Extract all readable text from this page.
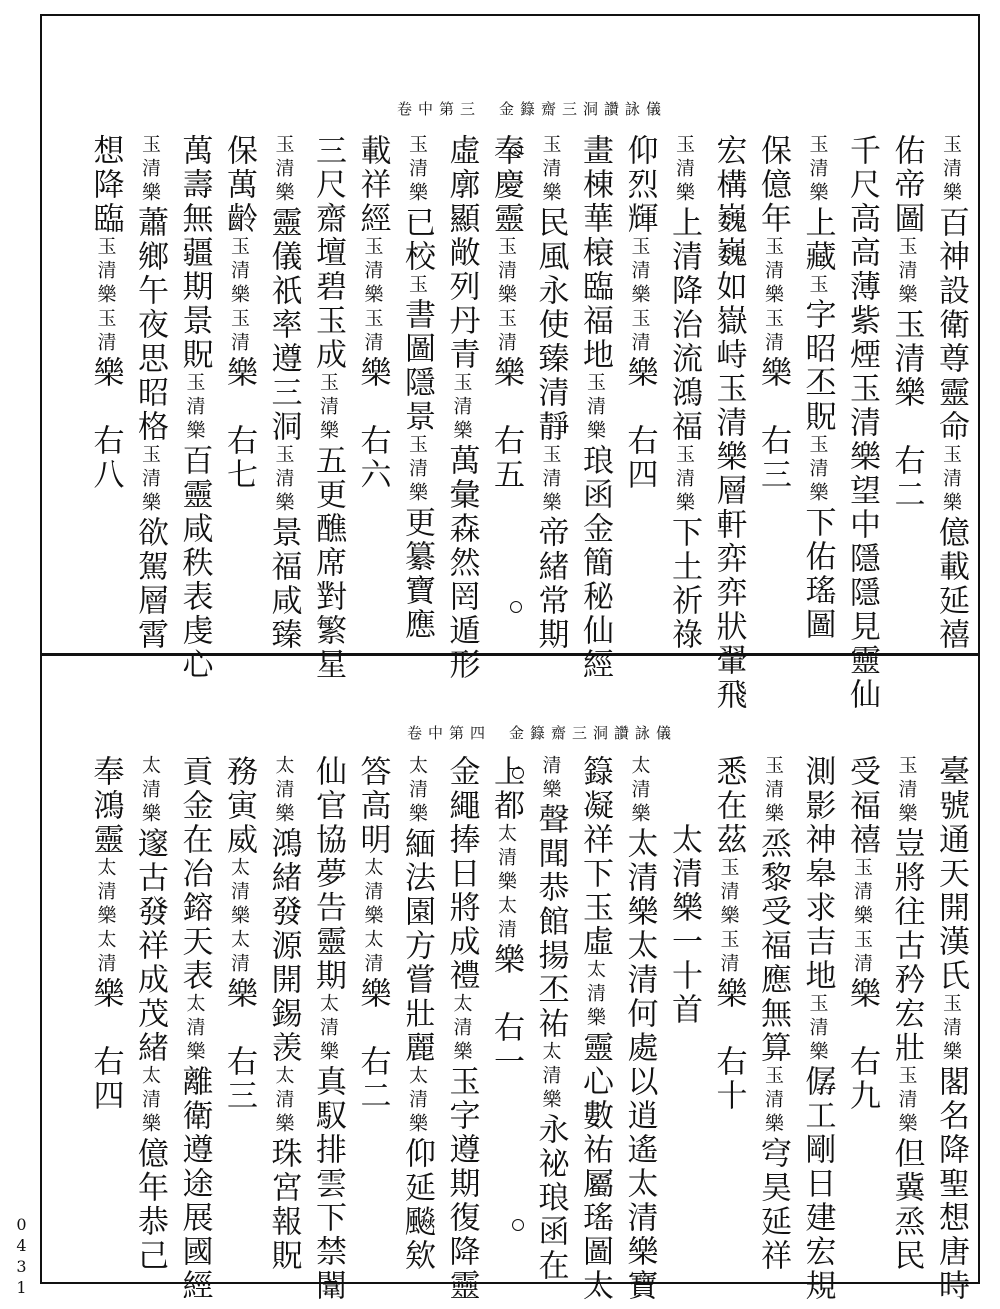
卷中第三 金籙齋三洞讚詠儀
玉清樂百神設衛尊靈命玉清樂億載延禧
佑帝圖玉清樂玉清樂　右二
千尺高高薄紫煙玉清樂望中隱隱見靈仙
玉清樂上藏玉字昭丕貺玉清樂下佑瑤圖
保億年玉清樂玉清樂　右三
宏構巍巍如嶽峙玉清樂層軒弈弈狀翬飛
玉清樂上清降治流鴻福玉清樂下土祈祿
仰烈輝玉清樂玉清樂　右四
畫棟華榱臨福地玉清樂琅函金簡秘仙經
玉清樂民風永使臻清靜玉清樂帝緒常期
奉慶靈玉清樂玉清樂　右五
虛廓顯敞列丹青玉清樂萬彙森然罔遁形
玉清樂已校玉書圖隱景玉清樂更纂寶應
載祥經玉清樂玉清樂　右六
三尺齋壇碧玉成玉清樂五更醮席對繁星
玉清樂靈儀祇率遵三洞玉清樂景福咸臻
保萬齡玉清樂玉清樂　右七
萬壽無疆期景貺玉清樂百靈咸秩表虔心
玉清樂蕭鄉午夜思昭格玉清樂欲駕層霄
想降臨玉清樂玉清樂　右八
卷中第四 金籙齋三洞讚詠儀
臺號通天開漢氏玉清樂閣名降聖想唐時
玉清樂豈將往古矜宏壯玉清樂但冀烝民
受福禧玉清樂玉清樂　右九
測影神皋求吉地玉清樂僝工剛日建宏規
玉清樂烝黎受福應無算玉清樂穹昊延祥
悉在茲玉清樂玉清樂　右十
　　太清樂一十首
太清樂太清樂太清何處以逍遙太清樂寶
籙凝祥下玉虛太清樂靈心數祐屬瑤圖太
清樂聲聞恭館揚丕祐太清樂永祕琅函在
上都太清樂太清樂　右一
金繩捧日將成禮太清樂玉字遵期復降靈
太清樂緬法園方嘗壯麗太清樂仰延飈欸
答高明太清樂太清樂　右二
仙官協夢告靈期太清樂真馭排雲下禁闈
太清樂鴻緒發源開錫羡太清樂珠宮報貺
務寅威太清樂太清樂　右三
貢金在冶鎔天表太清樂離衛遵途展國經
太清樂邃古發祥成茂緒太清樂億年恭己
奉鴻靈太清樂太清樂　右四
0431
